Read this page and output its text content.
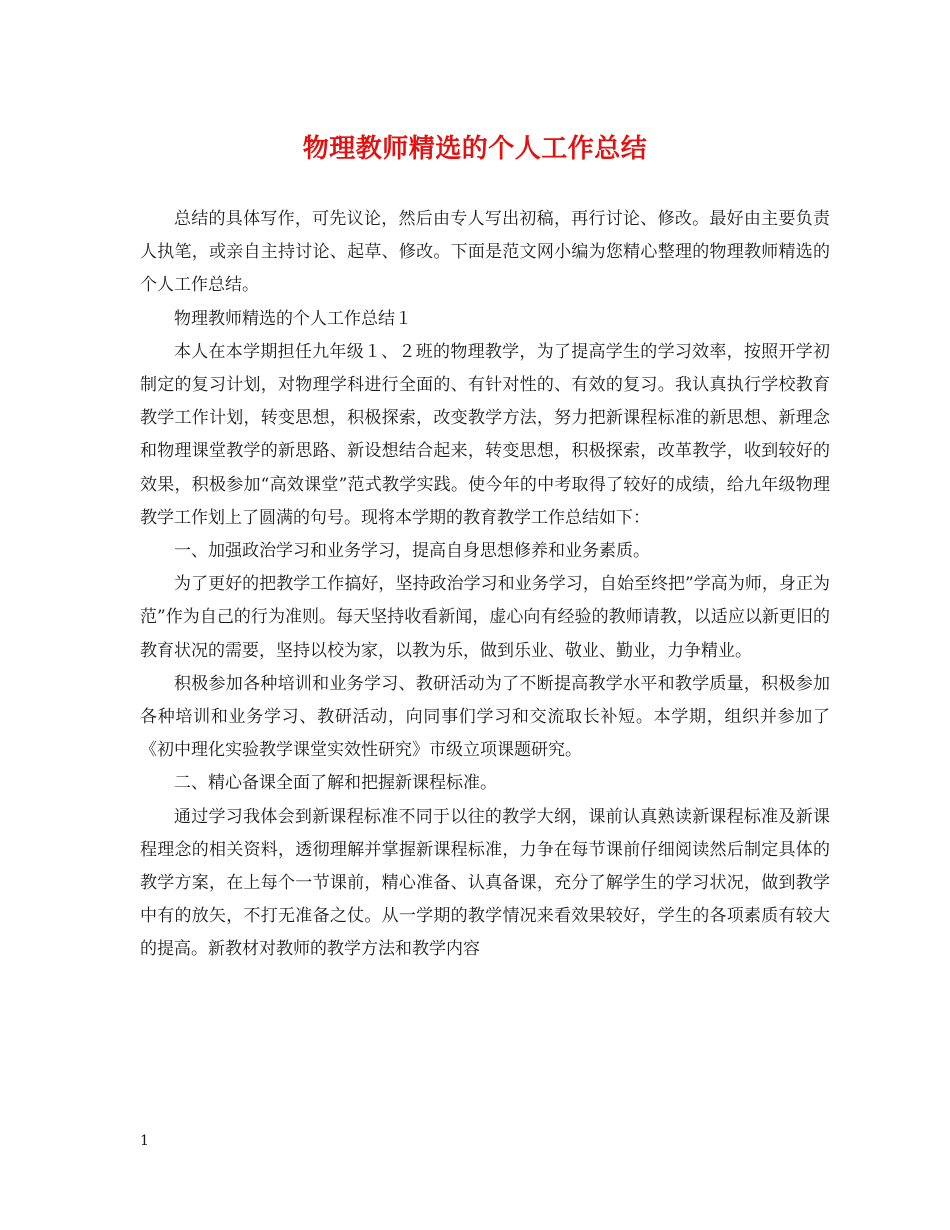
物理教师精选的个人工作总结

总结的具体写作，可先议论，然后由专人写出初稿，再行讨论、修改。最好由主要负责人执笔，或亲自主持讨论、起草、修改。下面是范文网小编为您精心整理的物理教师精选的个人工作总结。

物理教师精选的个人工作总结１

本人在本学期担任九年级１、２班的物理教学，为了提高学生的学习效率，按照开学初制定的复习计划，对物理学科进行全面的、有针对性的、有效的复习。我认真执行学校教育教学工作计划，转变思想，积极探索，改变教学方法，努力把新课程标准的新思想、新理念和物理课堂教学的新思路、新设想结合起来，转变思想，积极探索，改革教学，收到较好的效果，积极参加“高效课堂”范式教学实践。使今年的中考取得了较好的成绩，给九年级物理教学工作划上了圆满的句号。现将本学期的教育教学工作总结如下：

一、加强政治学习和业务学习，提高自身思想修养和业务素质。

为了更好的把教学工作搞好，坚持政治学习和业务学习，自始至终把”学高为师，身正为范”作为自己的行为准则。每天坚持收看新闻，虚心向有经验的教师请教，以适应以新更旧的教育状况的需要，坚持以校为家，以教为乐，做到乐业、敬业、勤业，力争精业。

积极参加各种培训和业务学习、教研活动为了不断提高教学水平和教学质量，积极参加各种培训和业务学习、教研活动，向同事们学习和交流取长补短。本学期，组织并参加了《初中理化实验教学课堂实效性研究》市级立项课题研究。

二、精心备课全面了解和把握新课程标准。

通过学习我体会到新课程标准不同于以往的教学大纲，课前认真熟读新课程标准及新课程理念的相关资料，透彻理解并掌握新课程标准，力争在每节课前仔细阅读然后制定具体的教学方案，在上每个一节课前，精心准备、认真备课，充分了解学生的学习状况，做到教学中有的放矢，不打无准备之仗。从一学期的教学情况来看效果较好，学生的各项素质有较大的提高。新教材对教师的教学方法和教学内容

1
